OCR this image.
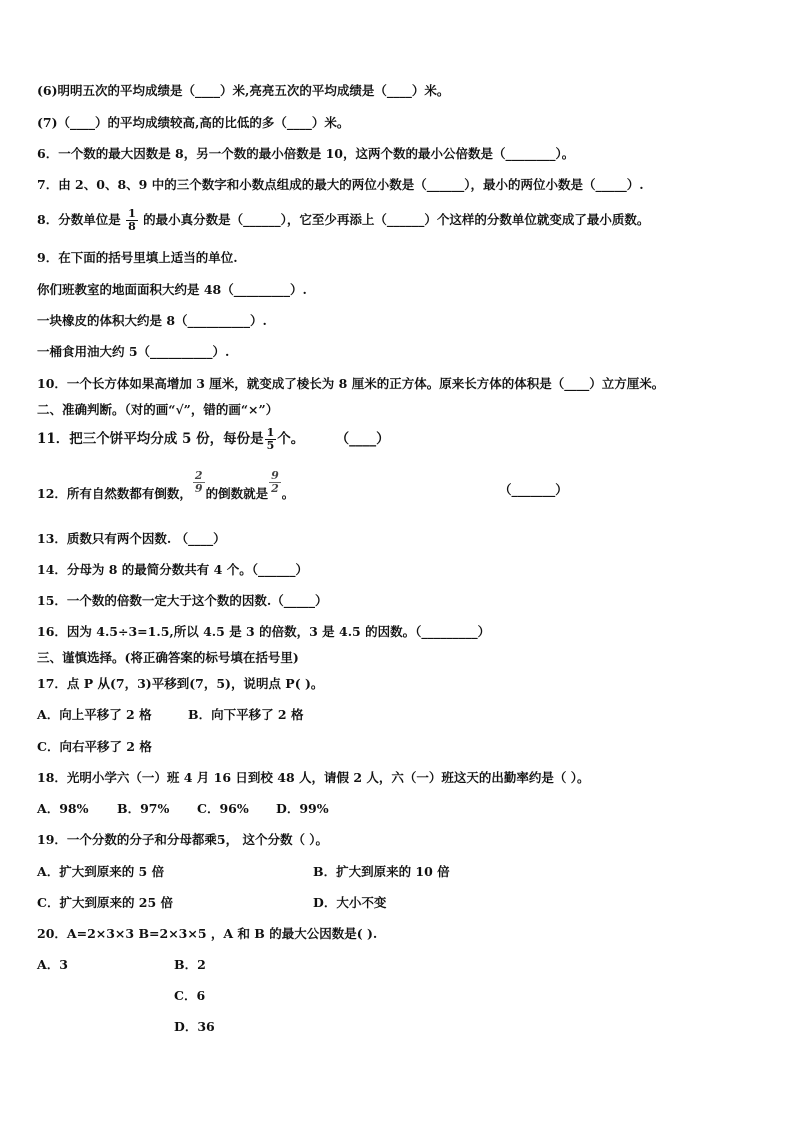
(6)明明五次的平均成绩是（____）米,亮亮五次的平均成绩是（____）米。
(7)（____）的平均成绩较高,高的比低的多（____）米。
6．一个数的最大因数是 8，另一个数的最小倍数是 10，这两个数的最小公倍数是（________）。
7．由 2、0、8、9 中的三个数字和小数点组成的最大的两位小数是（______），最小的两位小数是（_____）.
8．分数单位是 $\frac{1}{8}$ 的最小真分数是（______），它至少再添上（______）个这样的分数单位就变成了最小质数。
9．在下面的括号里填上适当的单位.
你们班教室的地面面积大约是 48（_________）.
一块橡皮的体积大约是 8（__________）.
一桶食用油大约 5（__________）.
10．一个长方体如果高增加 3 厘米，就变成了棱长为 8 厘米的正方体。原来长方体的体积是（____）立方厘米。
二、准确判断。（对的画“√”，错的画“×”）
11．把三个饼平均分成 5 份，每份是 $\frac{1}{5}$ 个。 （____）
12．所有自然数都有倒数， $\frac{2}{9}$ 的倒数就是 $\frac{9}{2}$ 。	（_______）
13．质数只有两个因数. （____）
14．分母为 8 的最简分数共有 4 个。（______）
15．一个数的倍数一定大于这个数的因数.（_____）
16．因为 4.5÷3=1.5,所以 4.5 是 3 的倍数，3 是 4.5 的因数。（_________）
三、谨慎选择。(将正确答案的标号填在括号里)
17．点 P 从(7，3)平移到(7，5)，说明点 P( )。
A．向上平移了 2 格	B．向下平移了 2 格
C．向右平移了 2 格
18．光明小学六（一）班 4 月 16 日到校 48 人，请假 2 人，六（一）班这天的出勤率约是（ ）。
A．98% B．97% C．96% D．99%
19．一个分数的分子和分母都乘5， 这个分数（ ）。
A．扩大到原来的 5 倍	B．扩大到原来的 10 倍
C．扩大到原来的 25 倍	D．大小不变
20．A=2×3×3 B=2×3×5 ，A 和 B 的最大公因数是( ).
A．3	B．2
C．6
D．36
